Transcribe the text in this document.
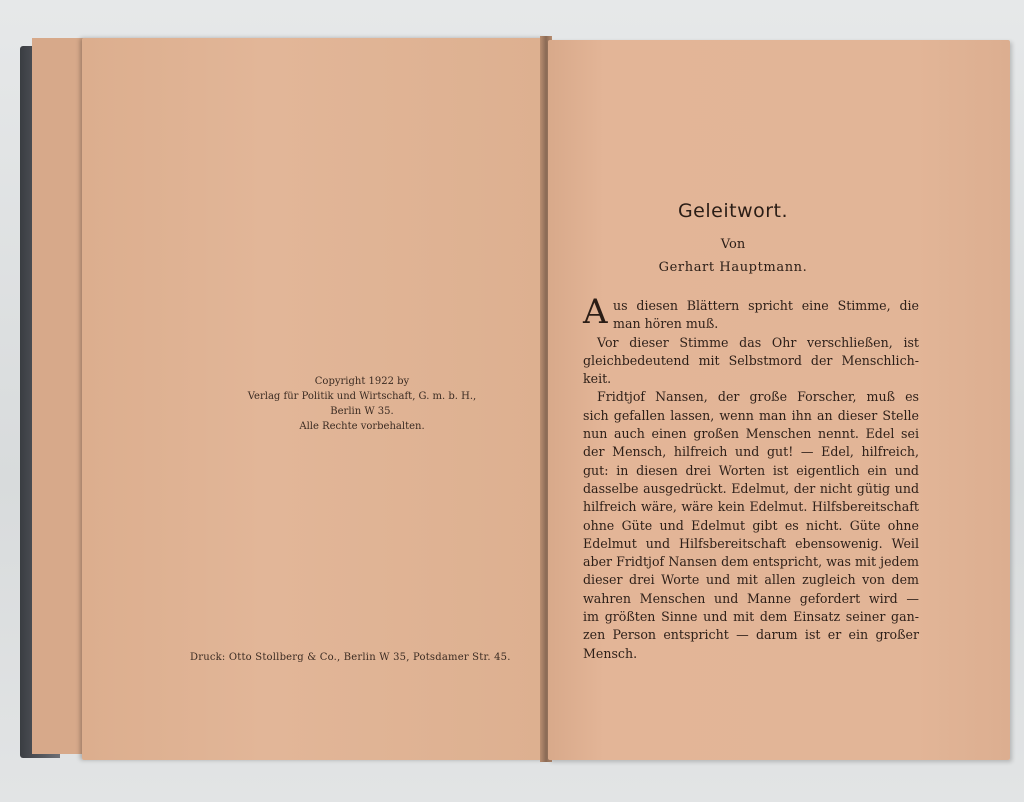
Copyright 1922 by
Verlag für Politik und Wirtschaft, G. m. b. H.,
Berlin W 35.
Alle Rechte vorbehalten.
Druck: Otto Stollberg & Co., Berlin W 35, Potsdamer Str. 45.
Geleitwort.
Von
Gerhart Hauptmann.
A us diesen Blättern spricht eine Stimme, die
man hören muß.
Vor dieser Stimme das Ohr verschließen, ist
gleichbedeutend mit Selbstmord der Menschlich-
keit.
Fridtjof Nansen, der große Forscher, muß es
sich gefallen lassen, wenn man ihn an dieser Stelle
nun auch einen großen Menschen nennt. Edel sei
der Mensch, hilfreich und gut! — Edel, hilfreich,
gut: in diesen drei Worten ist eigentlich ein und
dasselbe ausgedrückt. Edelmut, der nicht gütig und
hilfreich wäre, wäre kein Edelmut. Hilfsbereitschaft
ohne Güte und Edelmut gibt es nicht. Güte ohne
Edelmut und Hilfsbereitschaft ebensowenig. Weil
aber Fridtjof Nansen dem entspricht, was mit jedem
dieser drei Worte und mit allen zugleich von dem
wahren Menschen und Manne gefordert wird —
im größten Sinne und mit dem Einsatz seiner gan-
zen Person entspricht — darum ist er ein großer
Mensch.
